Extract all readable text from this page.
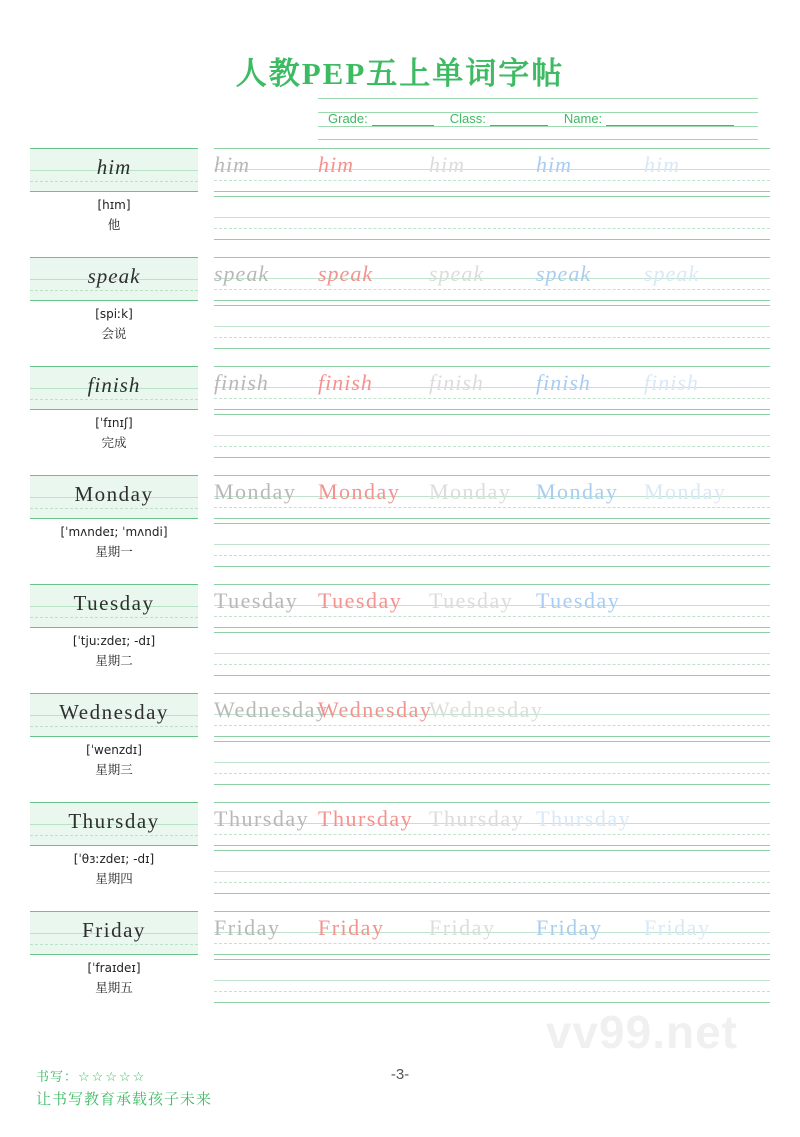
人教PEP五上单词字帖
Grade:	Class:	Name:
him
[hɪm]
他
him	him	him	him	him
speak
[spiːk]
会说
speak speak	speak speak speak
finish
[ˈfɪnɪʃ]
完成
finish finish	finish finish finish
Monday
[ˈmʌndeɪ; ˈmʌndi]
星期一
Monday Monday Monday Monday Monday
Tuesday
[ˈtjuːzdeɪ; -dɪ]
星期二
Tuesday Tuesday Tuesday Tuesday
Wednesday
[ˈwenzdɪ]
星期三
Wednesday
Wednesday
Wednesday
Thursday
[ˈθɜːzdeɪ; -dɪ]
星期四
Thursday Thursday Thursday Thursday
Friday
[ˈfraɪdeɪ]
星期五
Friday Friday Friday Friday Friday
书写：☆☆☆☆☆
让书写教育承载孩子未来
-3-
vv99.net
